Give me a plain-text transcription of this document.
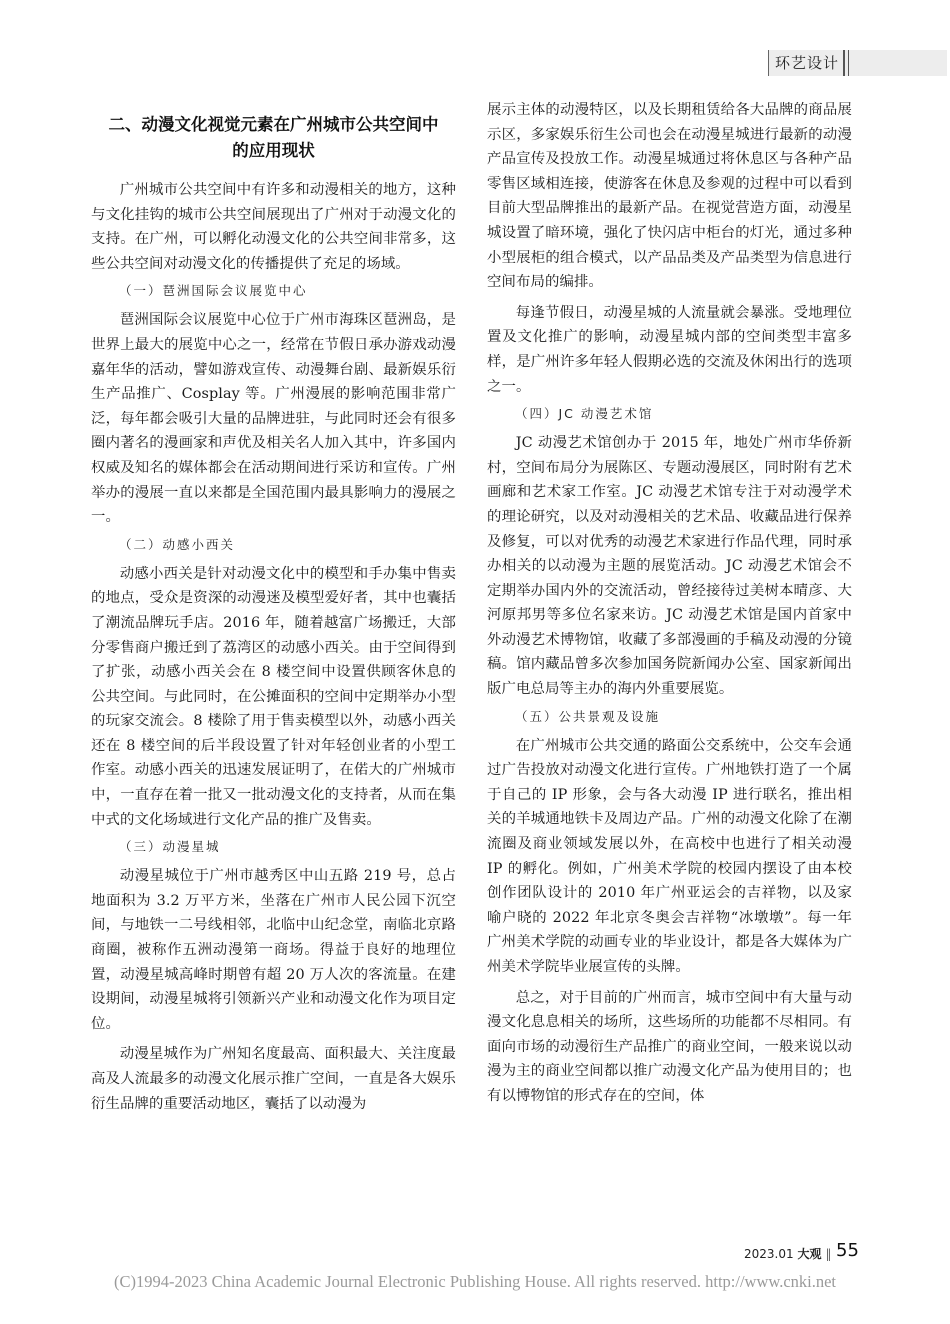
环艺设计
二、动漫文化视觉元素在广州城市公共空间中
的应用现状

广州城市公共空间中有许多和动漫相关的地方，这种与文化挂钩的城市公共空间展现出了广州对于动漫文化的支持。在广州，可以孵化动漫文化的公共空间非常多，这些公共空间对动漫文化的传播提供了充足的场域。

（一）琶洲国际会议展览中心

琶洲国际会议展览中心位于广州市海珠区琶洲岛，是世界上最大的展览中心之一，经常在节假日承办游戏动漫嘉年华的活动，譬如游戏宣传、动漫舞台剧、最新娱乐衍生产品推广、Cosplay 等。广州漫展的影响范围非常广泛，每年都会吸引大量的品牌进驻，与此同时还会有很多圈内著名的漫画家和声优及相关名人加入其中，许多国内权威及知名的媒体都会在活动期间进行采访和宣传。广州举办的漫展一直以来都是全国范围内最具影响力的漫展之一。

（二）动感小西关

动感小西关是针对动漫文化中的模型和手办集中售卖的地点，受众是资深的动漫迷及模型爱好者，其中也囊括了潮流品牌玩手店。2016 年，随着越富广场搬迁，大部分零售商户搬迁到了荔湾区的动感小西关。由于空间得到了扩张，动感小西关会在 8 楼空间中设置供顾客休息的公共空间。与此同时，在公摊面积的空间中定期举办小型的玩家交流会。8 楼除了用于售卖模型以外，动感小西关还在 8 楼空间的后半段设置了针对年轻创业者的小型工作室。动感小西关的迅速发展证明了，在偌大的广州城市中，一直存在着一批又一批动漫文化的支持者，从而在集中式的文化场域进行文化产品的推广及售卖。

（三）动漫星城

动漫星城位于广州市越秀区中山五路 219 号，总占地面积为 3.2 万平方米，坐落在广州市人民公园下沉空间，与地铁一二号线相邻，北临中山纪念堂，南临北京路商圈，被称作五洲动漫第一商场。得益于良好的地理位置，动漫星城高峰时期曾有超 20 万人次的客流量。在建设期间，动漫星城将引领新兴产业和动漫文化作为项目定位。

动漫星城作为广州知名度最高、面积最大、关注度最高及人流最多的动漫文化展示推广空间，一直是各大娱乐衍生品牌的重要活动地区，囊括了以动漫为

展示主体的动漫特区，以及长期租赁给各大品牌的商品展示区，多家娱乐衍生公司也会在动漫星城进行最新的动漫产品宣传及投放工作。动漫星城通过将休息区与各种产品零售区域相连接，使游客在休息及参观的过程中可以看到目前大型品牌推出的最新产品。在视觉营造方面，动漫星城设置了暗环境，强化了快闪店中柜台的灯光，通过多种小型展柜的组合模式，以产品品类及产品类型为信息进行空间布局的编排。

每逢节假日，动漫星城的人流量就会暴涨。受地理位置及文化推广的影响，动漫星城内部的空间类型丰富多样，是广州许多年轻人假期必选的交流及休闲出行的选项之一。

（四）JC 动漫艺术馆

JC 动漫艺术馆创办于 2015 年，地处广州市华侨新村，空间布局分为展陈区、专题动漫展区，同时附有艺术画廊和艺术家工作室。JC 动漫艺术馆专注于对动漫学术的理论研究，以及对动漫相关的艺术品、收藏品进行保养及修复，可以对优秀的动漫艺术家进行作品代理，同时承办相关的以动漫为主题的展览活动。JC 动漫艺术馆会不定期举办国内外的交流活动，曾经接待过美树本晴彦、大河原邦男等多位名家来访。JC 动漫艺术馆是国内首家中外动漫艺术博物馆，收藏了多部漫画的手稿及动漫的分镜稿。馆内藏品曾多次参加国务院新闻办公室、国家新闻出版广电总局等主办的海内外重要展览。

（五）公共景观及设施

在广州城市公共交通的路面公交系统中，公交车会通过广告投放对动漫文化进行宣传。广州地铁打造了一个属于自己的 IP 形象，会与各大动漫 IP 进行联名，推出相关的羊城通地铁卡及周边产品。广州的动漫文化除了在潮流圈及商业领域发展以外，在高校中也进行了相关动漫 IP 的孵化。例如，广州美术学院的校园内摆设了由本校创作团队设计的 2010 年广州亚运会的吉祥物，以及家喻户晓的 2022 年北京冬奥会吉祥物“冰墩墩”。每一年广州美术学院的动画专业的毕业设计，都是各大媒体为广州美术学院毕业展宣传的头牌。

总之，对于目前的广州而言，城市空间中有大量与动漫文化息息相关的场所，这些场所的功能都不尽相同。有面向市场的动漫衍生产品推广的商业空间，一般来说以动漫为主的商业空间都以推广动漫文化产品为使用目的；也有以博物馆的形式存在的空间，体

2023.01 大观 ‖ 55
(C)1994-2023 China Academic Journal Electronic Publishing House. All rights reserved. http://www.cnki.net
